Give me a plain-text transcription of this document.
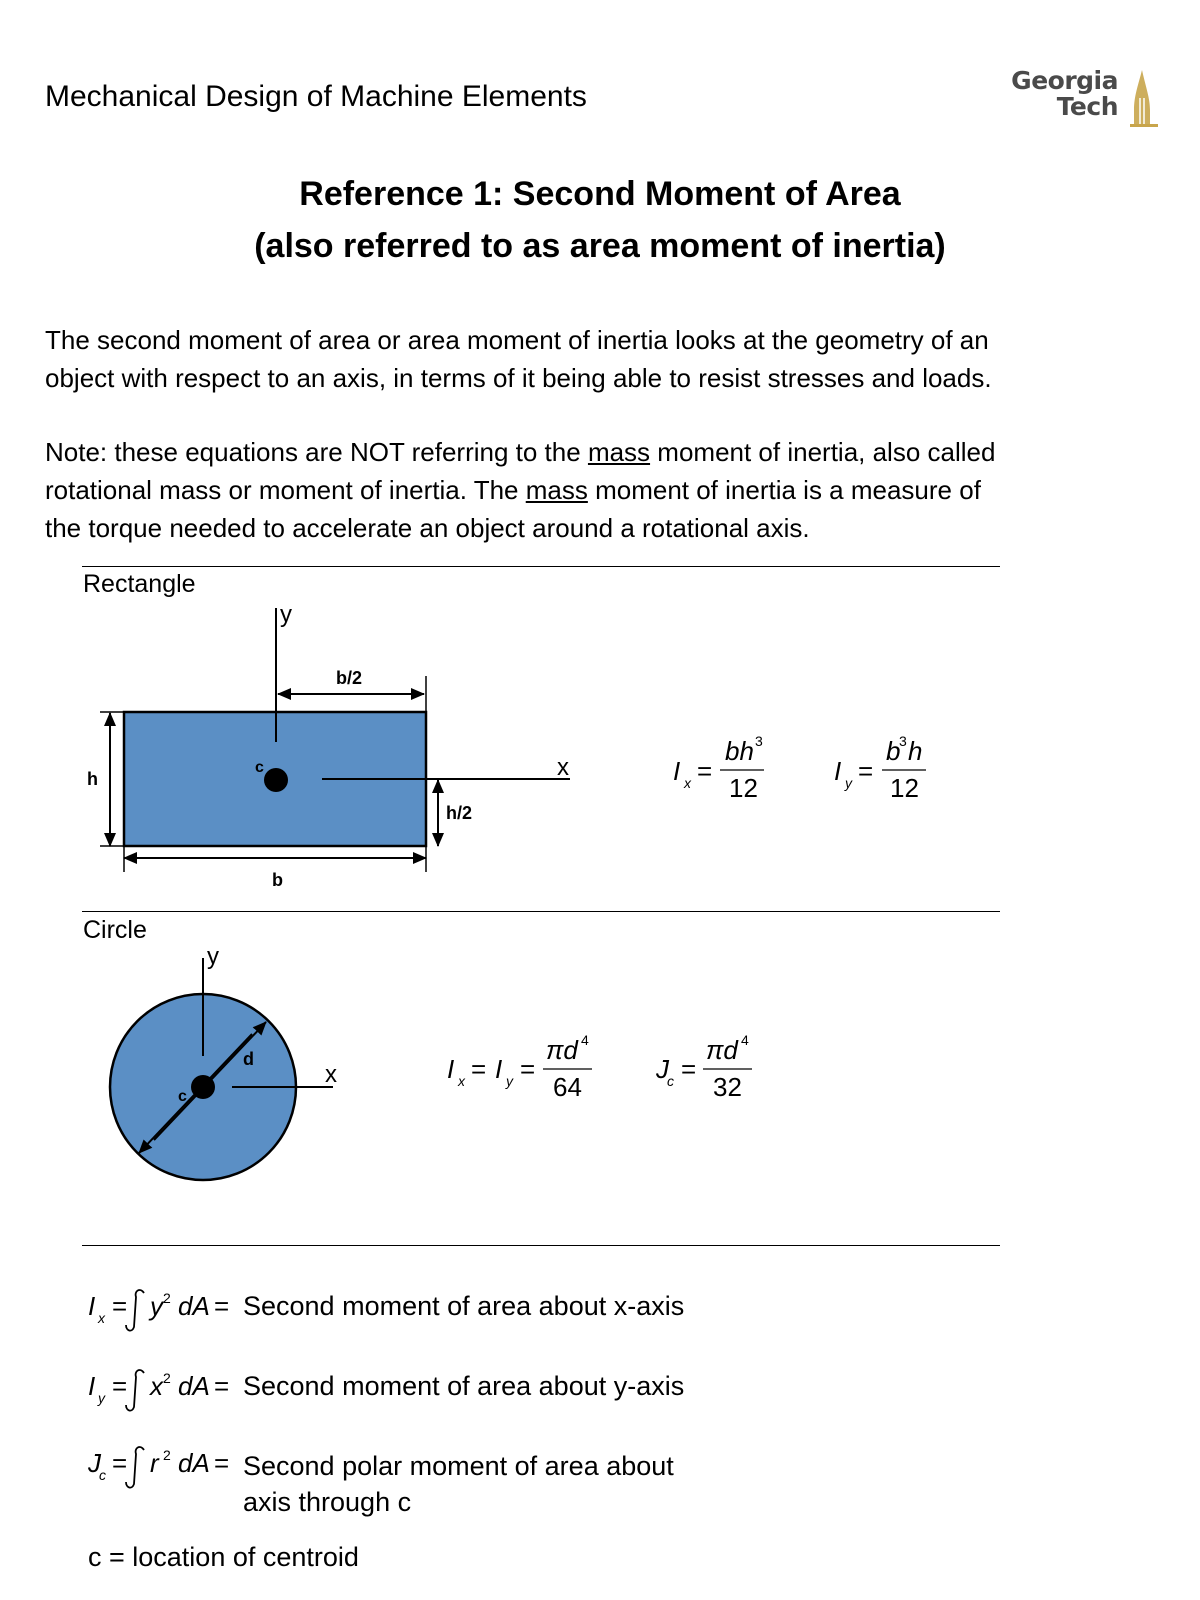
Mechanical Design of Machine Elements	Georgia
Tech
Reference 1: Second Moment of Area
(also referred to as area moment of inertia)
The second moment of area or area moment of inertia looks at the geometry of an
object with respect to an axis, in terms of it being able to resist stresses and loads.
Note: these equations are NOT referring to the mass moment of inertia, also called
rotational mass or moment of inertia. The mass moment of inertia is a measure of
the torque needed to accelerate an object around a rotational axis.
Rectangle
y
x
c
b/2
h
h/2
b
I x =
bh 3
12
I y =
b
3 h
12
Circle
y
x
c
d	I x = I y =
πd 4
64
J
c =
πd 4
32
I x = y 2 dA =
I y = x 2 dA =
J
c = r 2 dA =
Second moment of area about x-axis
Second moment of area about y-axis
Second polar moment of area about
axis through c
c = location of centroid
